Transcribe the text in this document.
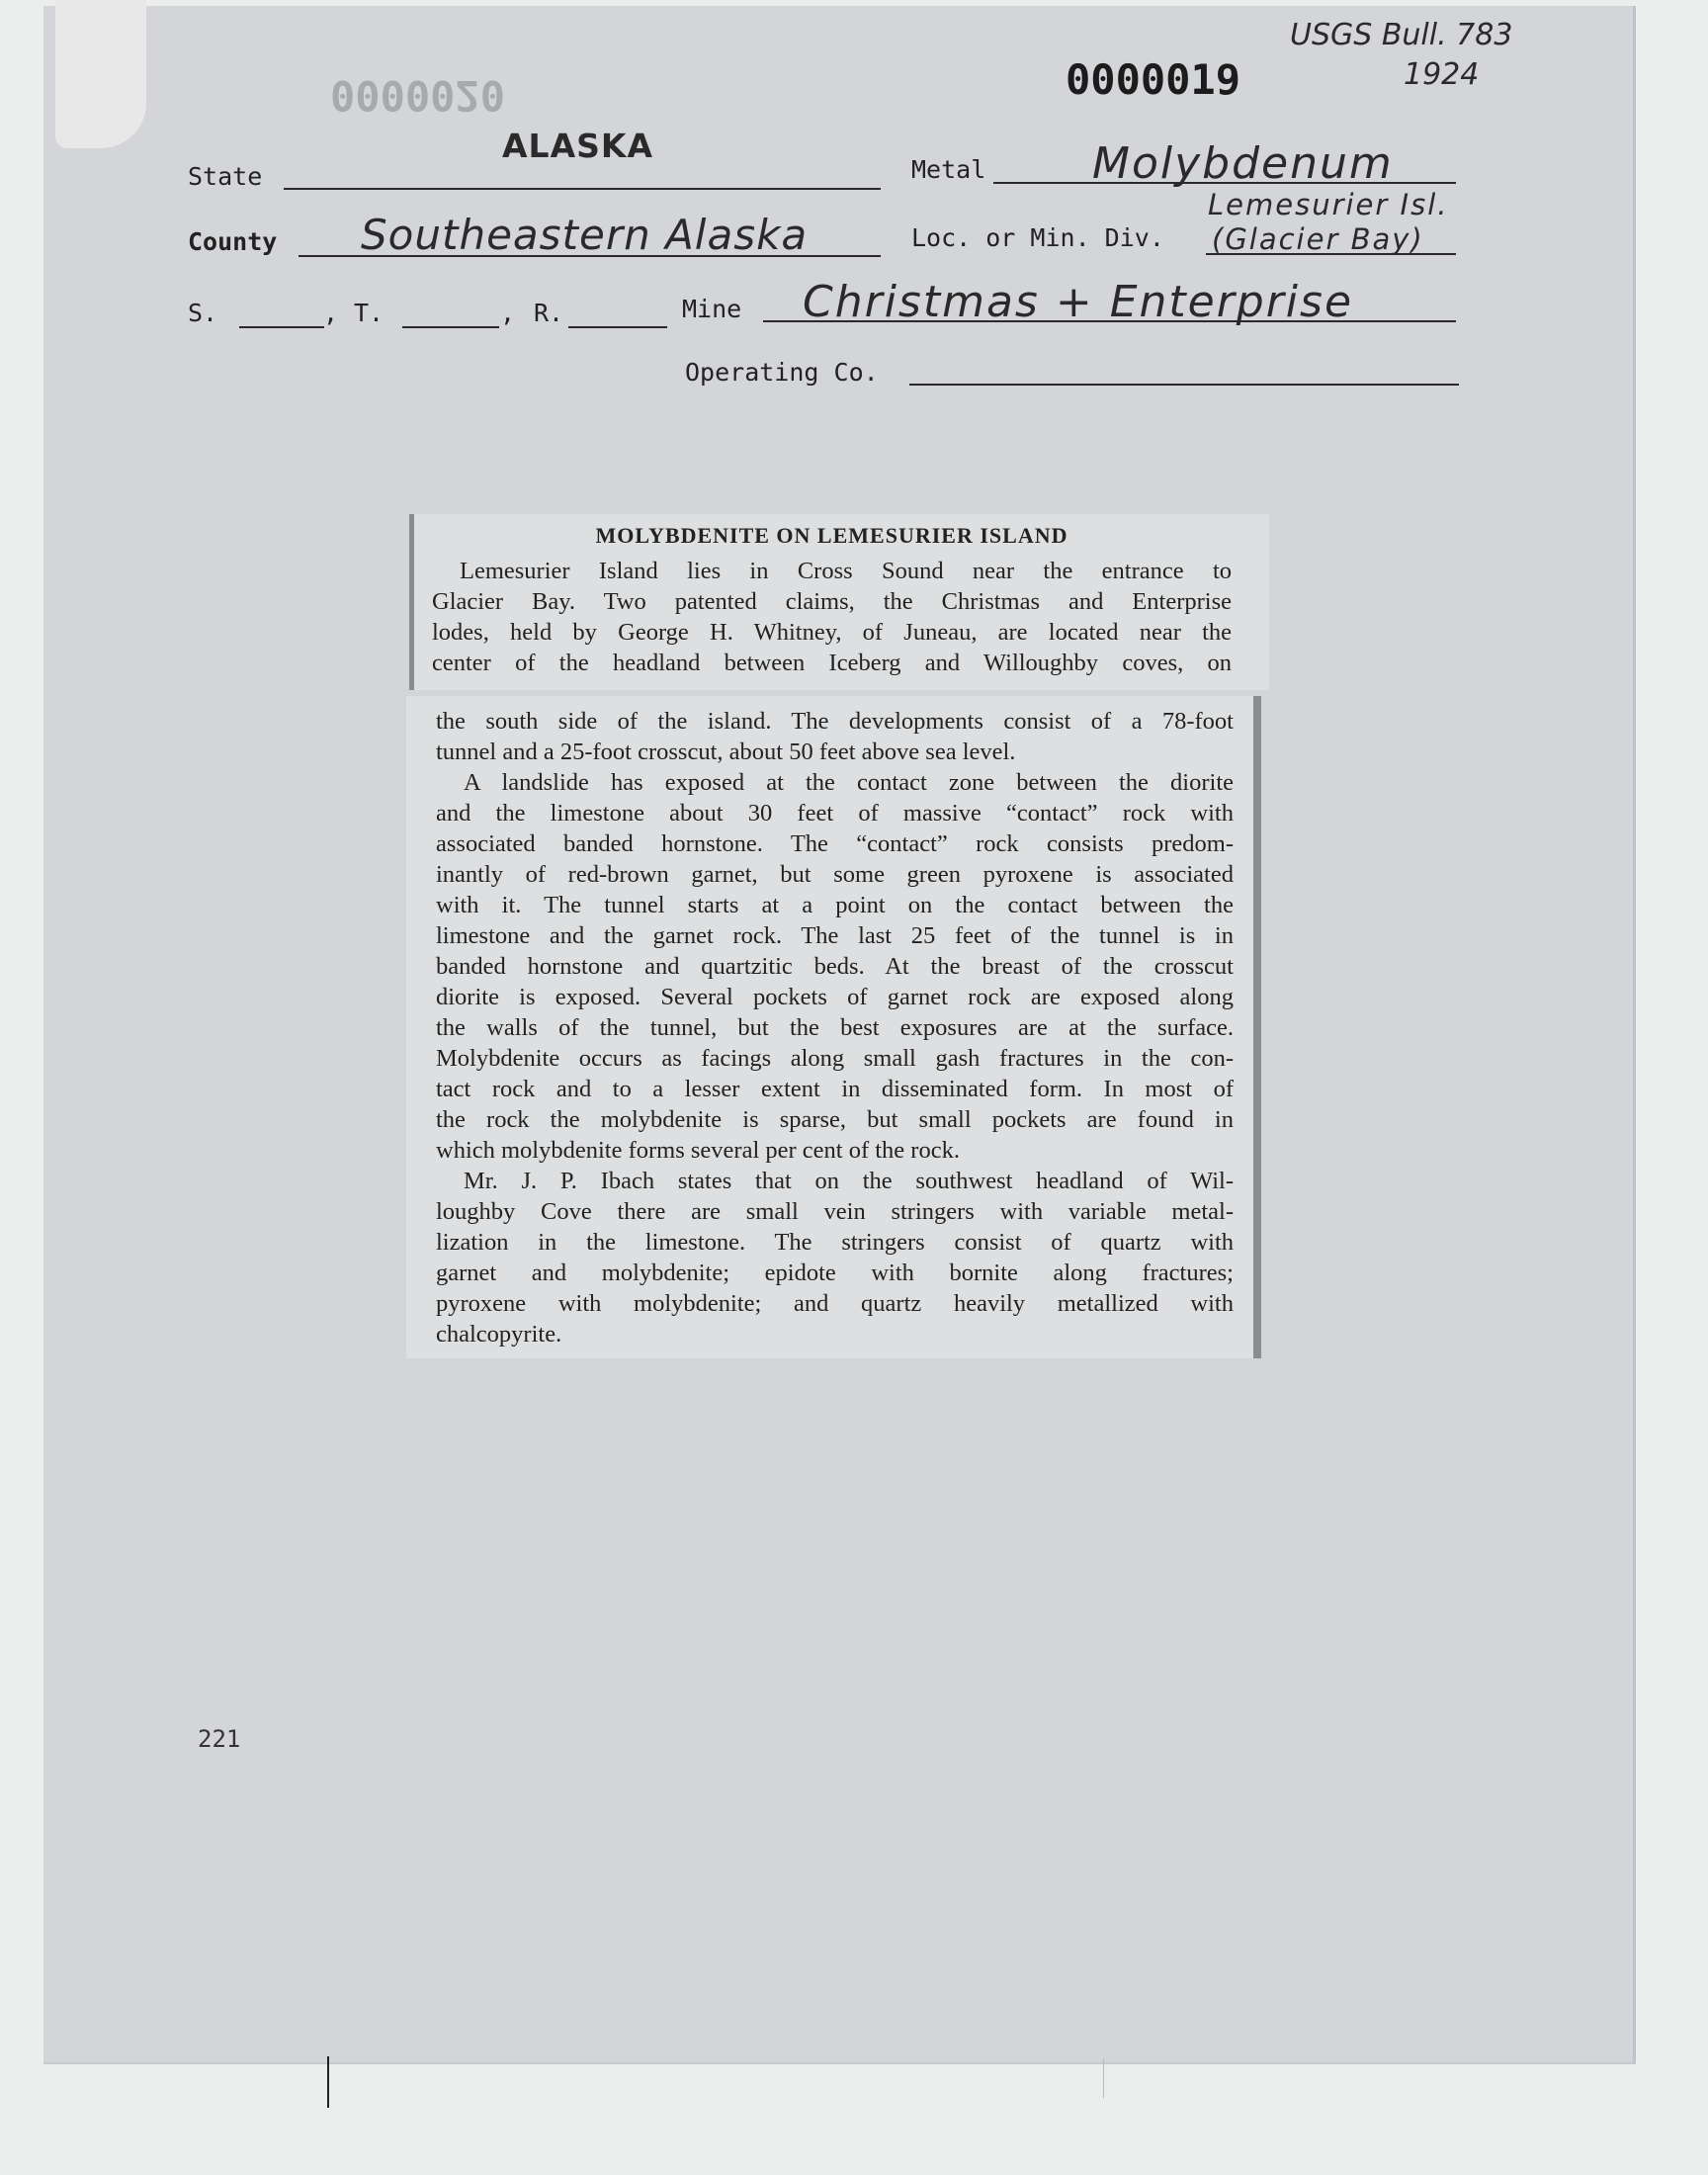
0000020	0000019
USGS Bull. 783
1924
State
ALASKA
Metal Molybdenum
County Southeastern Alaska	Loc. or Min. Div.
Lemesurier Isl.
(Glacier Bay)
S.	, T.	, R.	Mine Christmas + Enterprise
Operating Co.
MOLYBDENITE ON LEMESURIER ISLAND
Lemesurier Island lies in Cross Sound near the entrance to
Glacier Bay. Two patented claims, the Christmas and Enterprise
lodes, held by George H. Whitney, of Juneau, are located near the
center of the headland between Iceberg and Willoughby coves, on
the south side of the island. The developments consist of a 78-foot
tunnel and a 25-foot crosscut, about 50 feet above sea level.
A landslide has exposed at the contact zone between the diorite
and the limestone about 30 feet of massive “contact” rock with
associated banded hornstone. The “contact” rock consists predom-
inantly of red-brown garnet, but some green pyroxene is associated
with it. The tunnel starts at a point on the contact between the
limestone and the garnet rock. The last 25 feet of the tunnel is in
banded hornstone and quartzitic beds. At the breast of the crosscut
diorite is exposed. Several pockets of garnet rock are exposed along
the walls of the tunnel, but the best exposures are at the surface.
Molybdenite occurs as facings along small gash fractures in the con-
tact rock and to a lesser extent in disseminated form. In most of
the rock the molybdenite is sparse, but small pockets are found in
which molybdenite forms several per cent of the rock.
Mr. J. P. Ibach states that on the southwest headland of Wil-
loughby Cove there are small vein stringers with variable metal-
lization in the limestone. The stringers consist of quartz with
garnet and molybdenite; epidote with bornite along fractures;
pyroxene with molybdenite; and quartz heavily metallized with
chalcopyrite.
221
